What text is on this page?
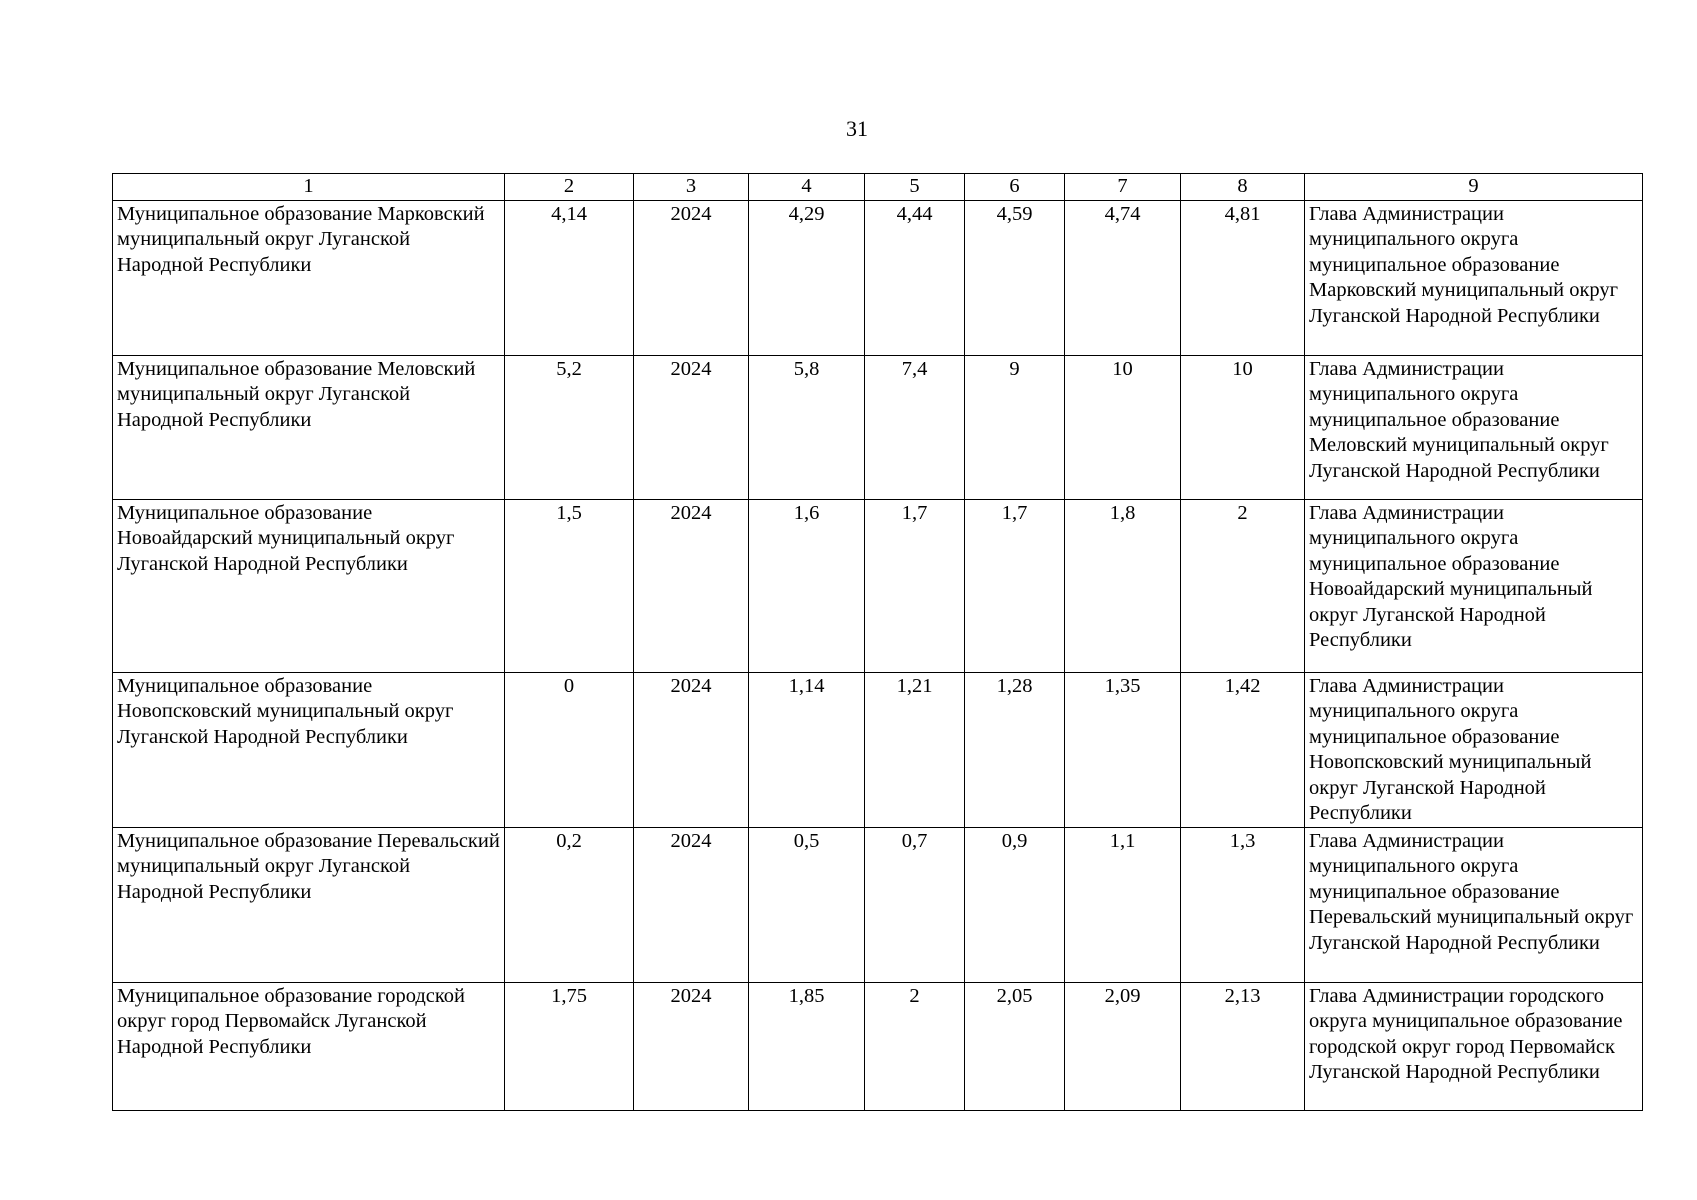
31
1	2	3	4	5	6	7	8	9
Муниципальное образование Марковский муниципальный округ Луганской Народной Республики	4,14	2024	4,29	4,44	4,59	4,74	4,81	Глава Администрации муниципального округа муниципальное образование Марковский муниципальный округ Луганской Народной Республики
Муниципальное образование Меловский муниципальный округ Луганской Народной Республики	5,2	2024	5,8	7,4	9	10	10	Глава Администрации муниципального округа муниципальное образование Меловский муниципальный округ Луганской Народной Республики
Муниципальное образование Новоайдарский муниципальный округ Луганской Народной Республики	1,5	2024	1,6	1,7	1,7	1,8	2	Глава Администрации муниципального округа муниципальное образование Новоайдарский муниципальный округ Луганской Народной Республики
Муниципальное образование Новопсковский муниципальный округ Луганской Народной Республики	0	2024	1,14	1,21	1,28	1,35	1,42	Глава Администрации муниципального округа муниципальное образование Новопсковский муниципальный округ Луганской Народной Республики
Муниципальное образование Перевальский муниципальный округ Луганской Народной Республики	0,2	2024	0,5	0,7	0,9	1,1	1,3	Глава Администрации муниципального округа муниципальное образование Перевальский муниципальный округ Луганской Народной Республики
Муниципальное образование городской округ город Первомайск Луганской Народной Республики	1,75	2024	1,85	2	2,05	2,09	2,13	Глава Администрации городского округа муниципальное образование городской округ город Первомайск Луганской Народной Республики
